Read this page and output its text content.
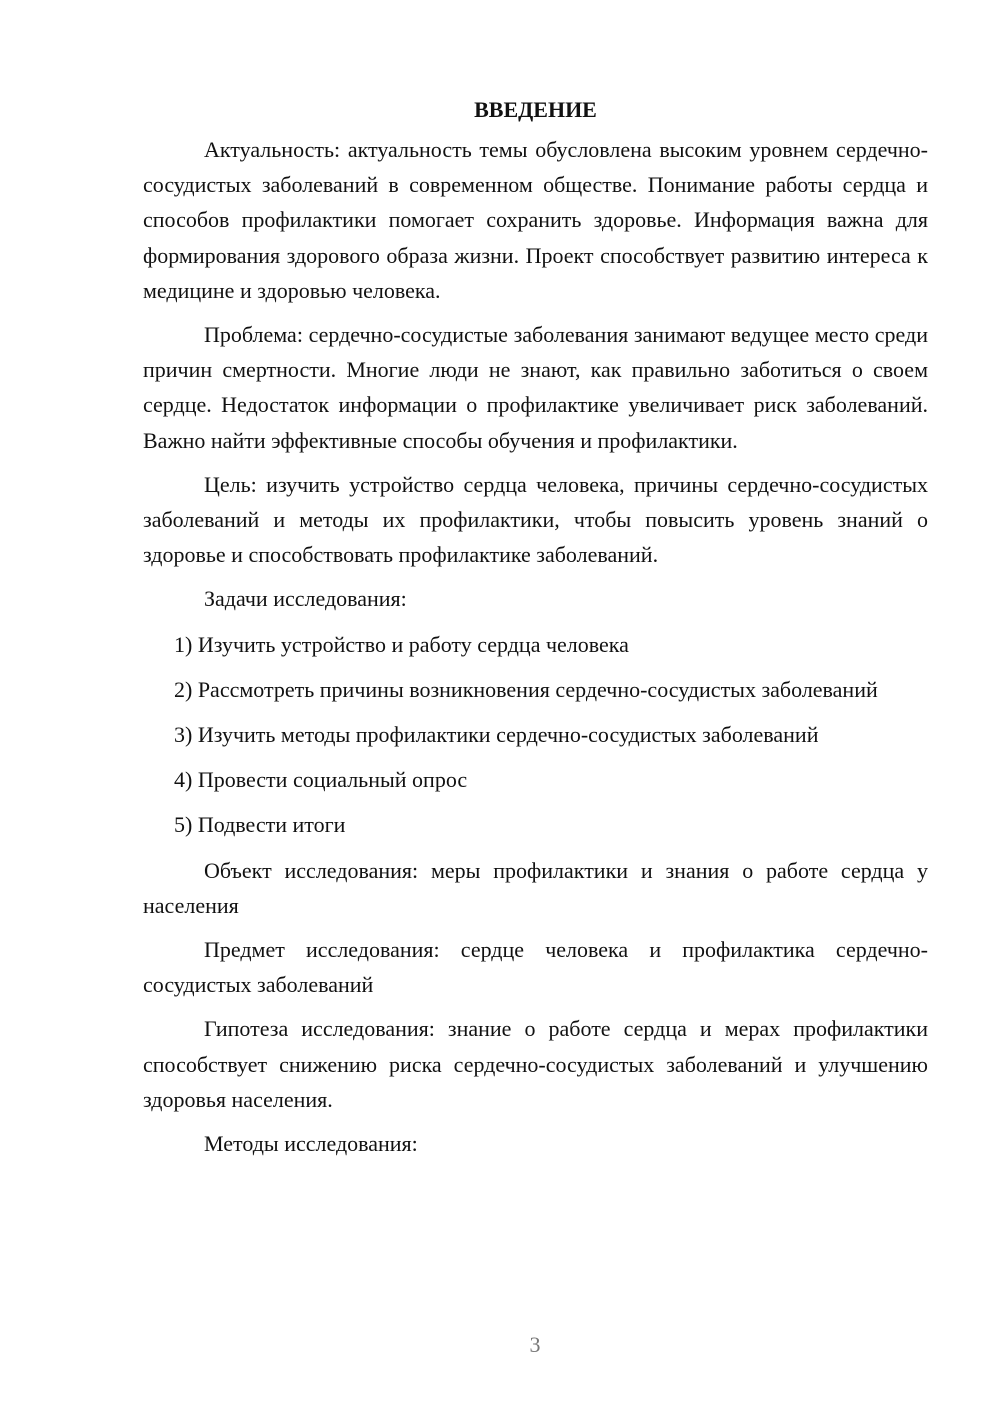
ВВЕДЕНИЕ

Актуальность: актуальность темы обусловлена высоким уровнем сердечно-сосудистых заболеваний в современном обществе. Понимание работы сердца и способов профилактики помогает сохранить здоровье. Информация важна для формирования здорового образа жизни. Проект способствует развитию интереса к медицине и здоровью человека.

Проблема: сердечно-сосудистые заболевания занимают ведущее место среди причин смертности. Многие люди не знают, как правильно заботиться о своем сердце. Недостаток информации о профилактике увеличивает риск заболеваний. Важно найти эффективные способы обучения и профилактики.

Цель: изучить устройство сердца человека, причины сердечно-сосудистых заболеваний и методы их профилактики, чтобы повысить уровень знаний о здоровье и способствовать профилактике заболеваний.

Задачи исследования:

1) Изучить устройство и работу сердца человека

2) Рассмотреть причины возникновения сердечно-сосудистых заболеваний

3) Изучить методы профилактики сердечно-сосудистых заболеваний

4) Провести социальный опрос

5) Подвести итоги

Объект исследования: меры профилактики и знания о работе сердца у населения

Предмет исследования: сердце человека и профилактика сердечно-сосудистых заболеваний

Гипотеза исследования: знание о работе сердца и мерах профилактики способствует снижению риска сердечно-сосудистых заболеваний и улучшению здоровья населения.

Методы исследования:

3
